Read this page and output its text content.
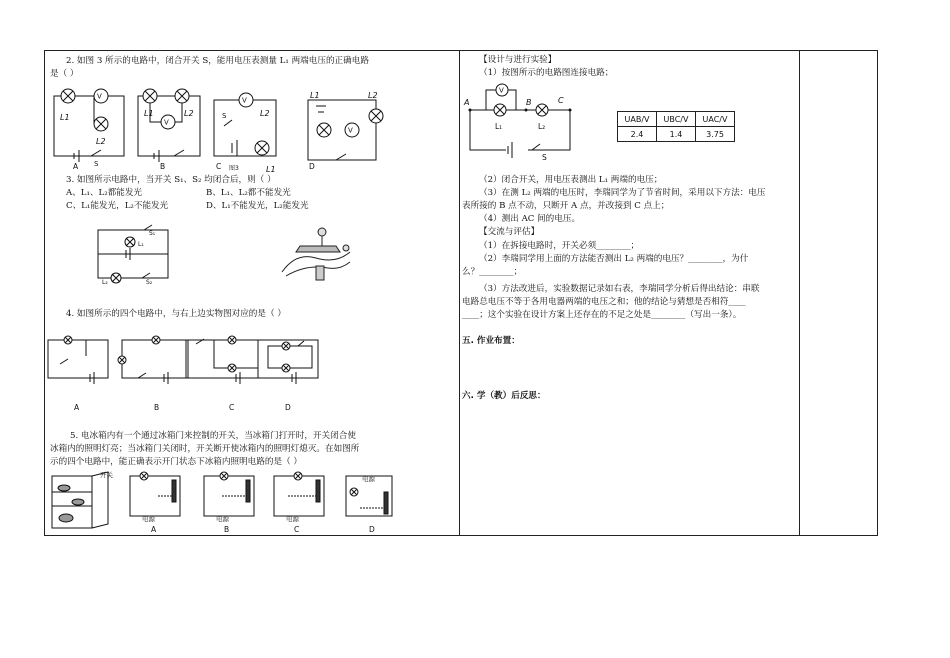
2. 如图 3 所示的电路中，闭合开关 S，能用电压表测量 L₁ 两端电压的正确电路
是（ ）
V
L1
L2
S
V
L1	L2
V
L2
L1
S
V
L1	L2
A	B	C 图3	D
3. 如图所示电路中，当开关 S₁、S₂ 均闭合后，则（ ）
A、L₁、L₂都能发光	B、L₁、L₂都不能发光
C、L₁能发光，L₂不能发光	D、L₁不能发光，L₂能发光
S₁
L₁
L₂	S₂
4. 如图所示的四个电路中，与右上边实物图对应的是（ ）
A	B	C	D
5. 电冰箱内有一个通过冰箱门来控制的开关，当冰箱门打开时，开关闭合使
冰箱内的照明灯亮；当冰箱门关闭时，开关断开使冰箱内的照明灯熄灭。在如图所
示的四个电路中，能正确表示开门状态下冰箱内照明电路的是（ ）
开关
电源	电源	电源
电源
A	B	C	D
【设计与进行实验】
（1）按图所示的电路图连接电路；
V
A	B	C
L₁	L₂
S
UAB/V	UBC/V	UAC/V
2.4	1.4	3.75
（2）闭合开关，用电压表测出 L₁ 两端的电压；
（3）在测 L₂ 两端的电压时，李瑞同学为了节省时间，采用以下方法：电压
表所接的 B 点不动，只断开 A 点，并改接到 C 点上；
（4）测出 AC 间的电压。
【交流与评估】
（1）在拆接电路时，开关必须________；
（2）李瑞同学用上面的方法能否测出 L₂ 两端的电压？________，为什
么？________；
（3）方法改进后，实验数据记录如右表，李瑞同学分析后得出结论：串联
电路总电压不等于各用电器两端的电压之和；他的结论与猜想是否相符____
____；这个实验在设计方案上还存在的不足之处是________（写出一条）。
五. 作业布置：
六. 学（教）后反思：
